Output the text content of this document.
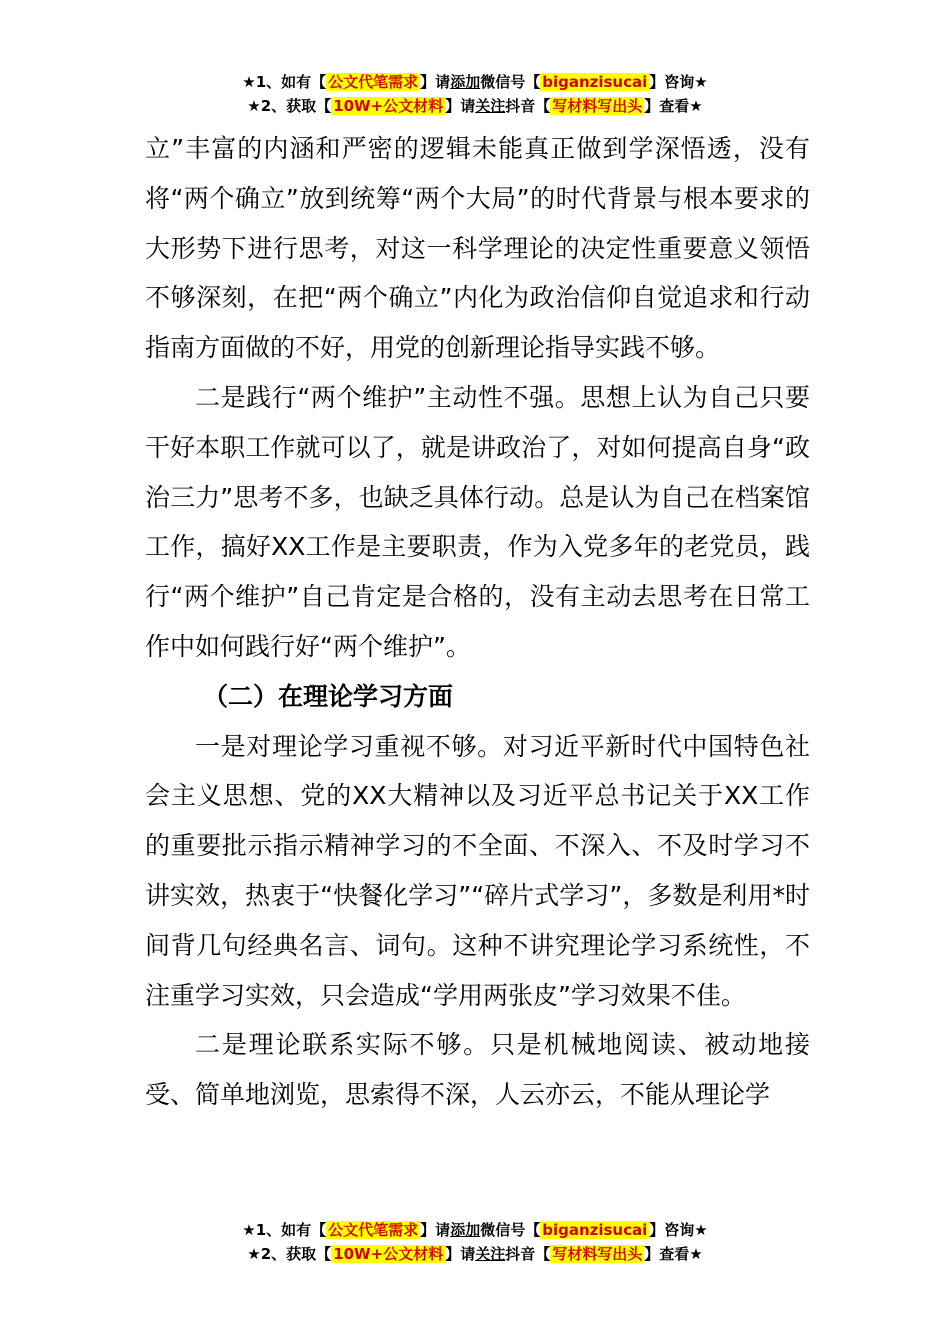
★1、如有【 公文代笔需求 】请添加微信号【 biganzisucai 】咨询★
★2、获取【 10W+公文材料 】请关注抖音【 写材料写出头 】查看★

立”丰富的内涵和严密的逻辑未能真正做到学深悟透，没有将“两个确立”放到统筹“两个大局”的时代背景与根本要求的大形势下进行思考，对这一科学理论的决定性重要意义领悟不够深刻，在把“两个确立”内化为政治信仰自觉追求和行动指南方面做的不好，用党的创新理论指导实践不够。

二是践行“两个维护”主动性不强。思想上认为自己只要干好本职工作就可以了，就是讲政治了，对如何提高自身“政治三力”思考不多，也缺乏具体行动。总是认为自己在档案馆工作，搞好XX工作是主要职责，作为入党多年的老党员，践行“两个维护”自己肯定是合格的，没有主动去思考在日常工作中如何践行好“两个维护”。

（二）在理论学习方面

一是对理论学习重视不够。对习近平新时代中国特色社会主义思想、党的XX大精神以及习近平总书记关于XX工作的重要批示指示精神学习的不全面、不深入、不及时学习不讲实效，热衷于“快餐化学习”“碎片式学习”，多数是利用*时间背几句经典名言、词句。这种不讲究理论学习系统性，不注重学习实效，只会造成“学用两张皮”学习效果不佳。

二是理论联系实际不够。只是机械地阅读、被动地接受、简单地浏览，思索得不深，人云亦云，不能从理论学

★1、如有【 公文代笔需求 】请添加微信号【 biganzisucai 】咨询★
★2、获取【 10W+公文材料 】请关注抖音【 写材料写出头 】查看★
